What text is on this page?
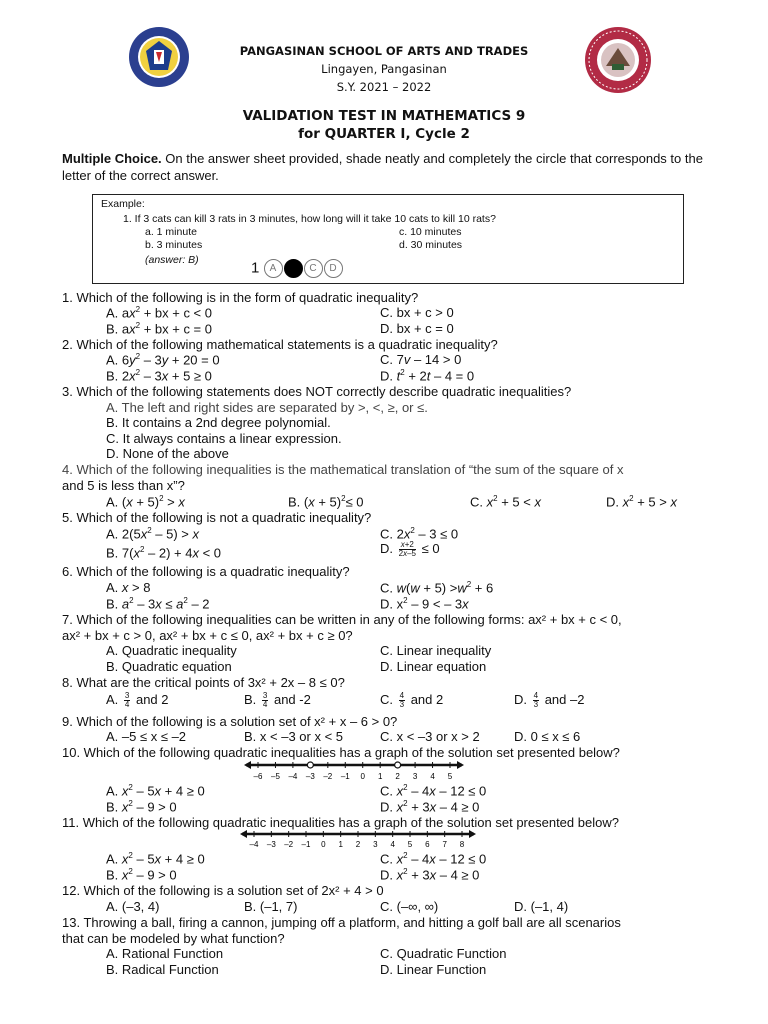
PANGASINAN SCHOOL OF ARTS AND TRADES
Lingayen, Pangasinan
S.Y. 2021 – 2022
VALIDATION TEST IN MATHEMATICS 9
for QUARTER I, Cycle 2
Multiple Choice. On the answer sheet provided, shade neatly and completely the circle that corresponds to the letter of the correct answer.
Example:
1. If 3 cats can kill 3 rats in 3 minutes, how long will it take 10 cats to kill 10 rats?
a. 1 minute
b. 3 minutes
c. 10 minutes
d. 30 minutes
(answer: B)	1 A B C D
1. Which of the following is in the form of quadratic inequality?
A. $ax^2$ + bx + c < 0	C. bx + c > 0
B. $ax^2$ + bx + c = 0	D. bx + c = 0
2. Which of the following mathematical statements is a quadratic inequality?
A. $6y^2 - 3y + 20 = 0$	C. 7v – 14 > 0
B. $2x^2 - 3x + 5 \ge 0$	D. $t^2 + 2t - 4 = 0$
3. Which of the following statements does NOT correctly describe quadratic inequalities?
A. The left and right sides are separated by >, <, ≥, or ≤.
B. It contains a 2nd degree polynomial.
C. It always contains a linear expression.
D. None of the above
4. Which of the following inequalities is the mathematical translation of “the sum of the square of x
and 5 is less than x”?
A. $(x + 5)^2 > x$	B. $(x + 5)^2\le 0$	C. $x^2 + 5 < x$	D. $x^2 + 5 > x$
5. Which of the following is not a quadratic inequality?
A. $2(5x^2 - 5) > x$	C. $2x^2 - 3 \le 0$
B. $7(x^2 - 2) + 4x < 0$	D. $\frac{x+2}{2x-5} \le 0$
6. Which of the following is a quadratic inequality?
A. x > 8	C. $w(w + 5) >w^2 + 6$
B. $a^2 - 3x \le a^2 - 2$	D. $x^2 - 9$ < – 3x
7. Which of the following inequalities can be written in any of the following forms: ax² + bx + c < 0,
ax² + bx + c > 0, ax² + bx + c ≤ 0, ax² + bx + c ≥ 0?
A. Quadratic inequality	C. Linear inequality
B. Quadratic equation	D. Linear equation
8. What are the critical points of 3x² + 2x – 8 ≤ 0?
A. $\frac{3}{4}$ and 2	B. $\frac{3}{4}$ and -2	C. $\frac{4}{3}$ and 2	D. $\frac{4}{3}$ and –2
9. Which of the following is a solution set of x² + x – 6 > 0?
A. –5 ≤ x ≤ –2	B. x < –3 or x < 5	C. x < –3 or x > 2	D. 0 ≤ x ≤ 6
10. Which of the following quadratic inequalities has a graph of the solution set presented below?
–6 –5 –4 –3 –2 –1 0 1 2 3 4 5
A. $x^2 - 5x + 4 \ge 0$	C. $x^2 - 4x - 12 \le 0$
B. $x^2 - 9 > 0$	D. $x^2 + 3x - 4 \ge 0$
11. Which of the following quadratic inequalities has a graph of the solution set presented below?
–4 –3 –2 –1 0 1 2 3 4 5 6 7 8
A. $x^2 - 5x + 4 \ge 0$	C. $x^2 - 4x - 12 \le 0$
B. $x^2 - 9 > 0$	D. $x^2 + 3x - 4 \ge 0$
12. Which of the following is a solution set of 2x² + 4 > 0
A. (–3, 4)	B. (–1, 7)	C. (–∞, ∞)	D. (–1, 4)
13. Throwing a ball, firing a cannon, jumping off a platform, and hitting a golf ball are all scenarios
that can be modeled by what function?
A. Rational Function	C. Quadratic Function
B. Radical Function	D. Linear Function
